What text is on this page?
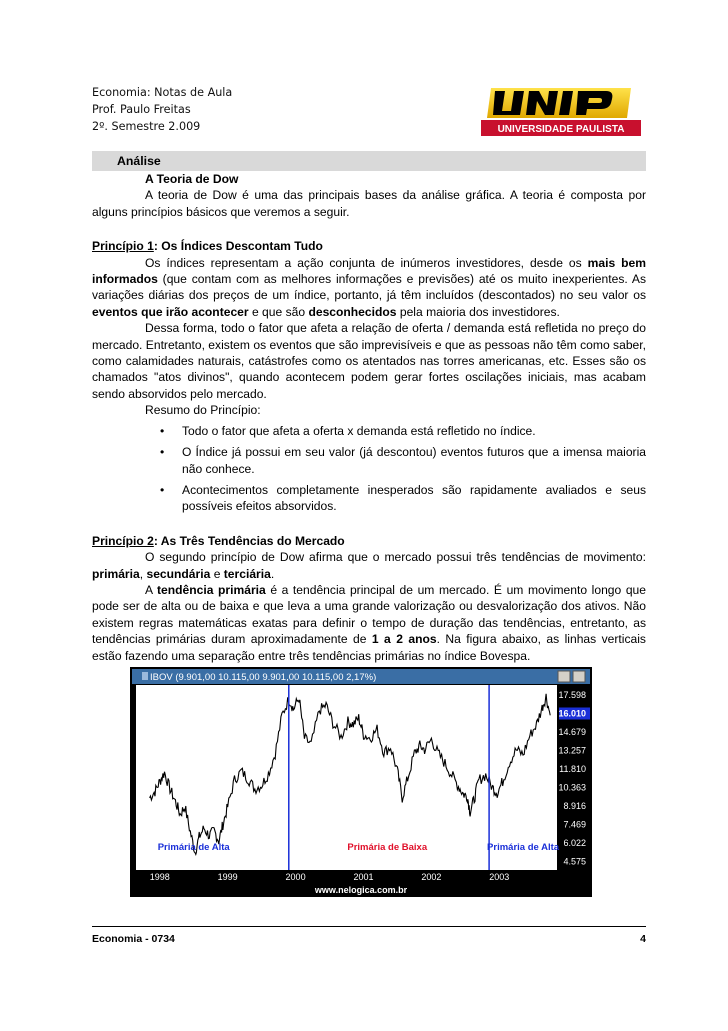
Economia: Notas de Aula
Prof. Paulo Freitas
2º. Semestre 2.009	UNIVERSIDADE PAULISTA
Análise

A Teoria de Dow

A teoria de Dow é uma das principais bases da análise gráfica. A teoria é composta por alguns princípios básicos que veremos a seguir.

Princípio 1: Os Índices Descontam Tudo

Os índices representam a ação conjunta de inúmeros investidores, desde os mais bem informados (que contam com as melhores informações e previsões) até os muito inexperientes. As variações diárias dos preços de um índice, portanto, já têm incluídos (descontados) no seu valor os eventos que irão acontecer e que são desconhecidos pela maioria dos investidores.

Dessa forma, todo o fator que afeta a relação de oferta / demanda está refletida no preço do mercado. Entretanto, existem os eventos que são imprevisíveis e que as pessoas não têm como saber, como calamidades naturais, catástrofes como os atentados nas torres americanas, etc. Esses são os chamados "atos divinos", quando acontecem podem gerar fortes oscilações iniciais, mas acabam sendo absorvidos pelo mercado.

Resumo do Princípio:

• Todo o fator que afeta a oferta x demanda está refletido no índice.
• O Índice já possui em seu valor (já descontou) eventos futuros que a imensa maioria não conhece.
• Acontecimentos completamente inesperados são rapidamente avaliados e seus possíveis efeitos absorvidos.

Princípio 2: As Três Tendências do Mercado

O segundo princípio de Dow afirma que o mercado possui três tendências de movimento: primária, secundária e terciária.

A tendência primária é a tendência principal de um mercado. É um movimento longo que pode ser de alta ou de baixa e que leva a uma grande valorização ou desvalorização dos ativos. Não existem regras matemáticas exatas para definir o tempo de duração das tendências, entretanto, as tendências primárias duram aproximadamente de 1 a 2 anos. Na figura abaixo, as linhas verticais estão fazendo uma separação entre três tendências primárias no índice Bovespa.

IBOV (9.901,00 10.115,00 9.901,00 10.115,00 2,17%)
Primária de Alta	Primária de Baixa	Primária de Alta
17.598
16.010
14.679
13.257
11.810
10.363
8.916
7.469
6.022
4.575
1998	1999	2000	2001	2002	2003
www.nelogica.com.br
Economia - 0734	4
